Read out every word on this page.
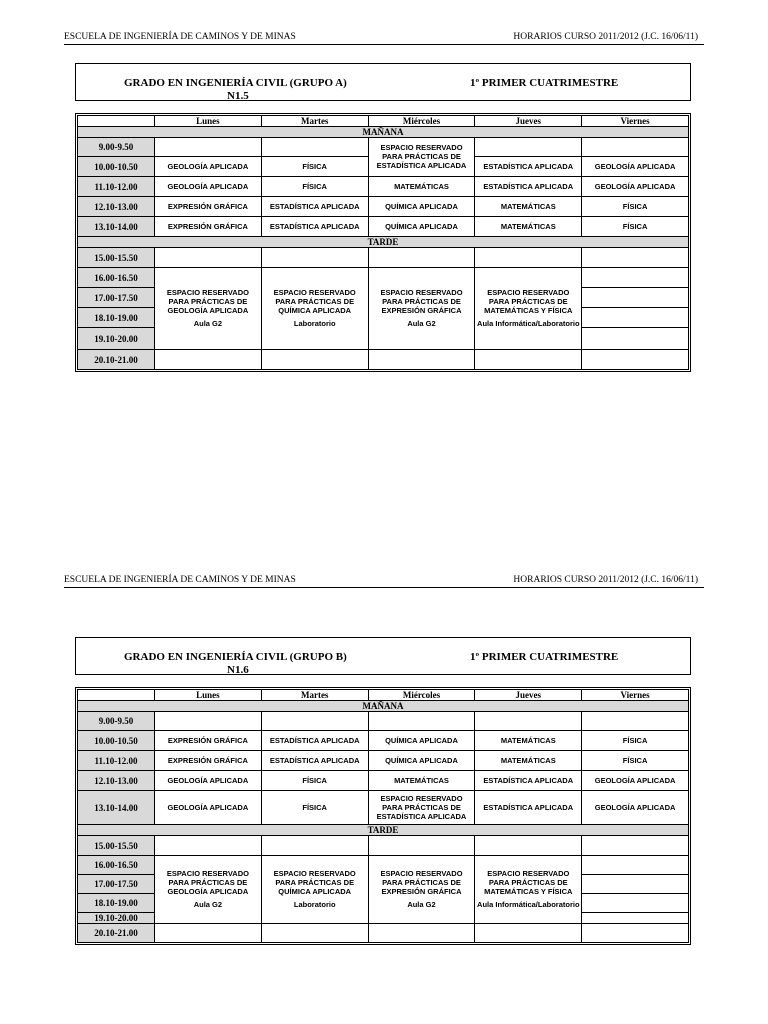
ESCUELA DE INGENIERÍA DE CAMINOS Y DE MINAS	HORARIOS CURSO 2011/2012 (J.C. 16/06/11)
GRADO EN INGENIERÍA CIVIL (GRUPO A)
N1.5
1º PRIMER CUATRIMESTRE
	Lunes	Martes	Miércoles	Jueves	Viernes
MAÑANA					
9.00-9.50			ESPACIO RESERVADO
PARA PRÁCTICAS DE
ESTADÍSTICA APLICADA		

10.00-10.50	GEOLOGÍA APLICADA	FÍSICA		ESTADÍSTICA APLICADA	GEOLOGÍA APLICADA
11.10-12.00	GEOLOGÍA APLICADA	FÍSICA	MATEMÁTICAS	ESTADÍSTICA APLICADA	GEOLOGÍA APLICADA
12.10-13.00	EXPRESIÓN GRÁFICA	ESTADÍSTICA APLICADA	QUÍMICA APLICADA	MATEMÁTICAS	FÍSICA
13.10-14.00	EXPRESIÓN GRÁFICA	ESTADÍSTICA APLICADA	QUÍMICA APLICADA	MATEMÁTICAS	FÍSICA
TARDE					
15.00-15.50					
16.00-16.50	ESPACIO RESERVADO
PARA PRÁCTICAS DE
GEOLOGÍA APLICADA
Aula G2	ESPACIO RESERVADO
PARA PRÁCTICAS DE
QUÍMICA APLICADA
Laboratorio	ESPACIO RESERVADO
PARA PRÁCTICAS DE
EXPRESIÓN GRÁFICA
Aula G2	ESPACIO RESERVADO
PARA PRÁCTICAS DE
MATEMÁTICAS Y FÍSICA
Aula Informática/Laboratorio	

17.00-17.50					
18.10-19.00					
19.10-20.00					
20.10-21.00					
ESCUELA DE INGENIERÍA DE CAMINOS Y DE MINAS	HORARIOS CURSO 2011/2012 (J.C. 16/06/11)
GRADO EN INGENIERÍA CIVIL (GRUPO B)
N1.6
1º PRIMER CUATRIMESTRE
	Lunes	Martes	Miércoles	Jueves	Viernes
MAÑANA					
9.00-9.50					
10.00-10.50	EXPRESIÓN GRÁFICA	ESTADÍSTICA APLICADA	QUÍMICA APLICADA	MATEMÁTICAS	FÍSICA
11.10-12.00	EXPRESIÓN GRÁFICA	ESTADÍSTICA APLICADA	QUÍMICA APLICADA	MATEMÁTICAS	FÍSICA
12.10-13.00	GEOLOGÍA APLICADA	FÍSICA	MATEMÁTICAS	ESTADÍSTICA APLICADA	GEOLOGÍA APLICADA
13.10-14.00	GEOLOGÍA APLICADA	FÍSICA	ESPACIO RESERVADO
PARA PRÁCTICAS DE
ESTADÍSTICA APLICADA	ESTADÍSTICA APLICADA	GEOLOGÍA APLICADA
TARDE					
15.00-15.50					
16.00-16.50	ESPACIO RESERVADO
PARA PRÁCTICAS DE
GEOLOGÍA APLICADA
Aula G2	ESPACIO RESERVADO
PARA PRÁCTICAS DE
QUÍMICA APLICADA
Laboratorio	ESPACIO RESERVADO
PARA PRÁCTICAS DE
EXPRESIÓN GRÁFICA
Aula G2	ESPACIO RESERVADO
PARA PRÁCTICAS DE
MATEMÁTICAS Y FÍSICA
Aula Informática/Laboratorio	

17.00-17.50					
18.10-19.00					
19.10-20.00					
20.10-21.00					
